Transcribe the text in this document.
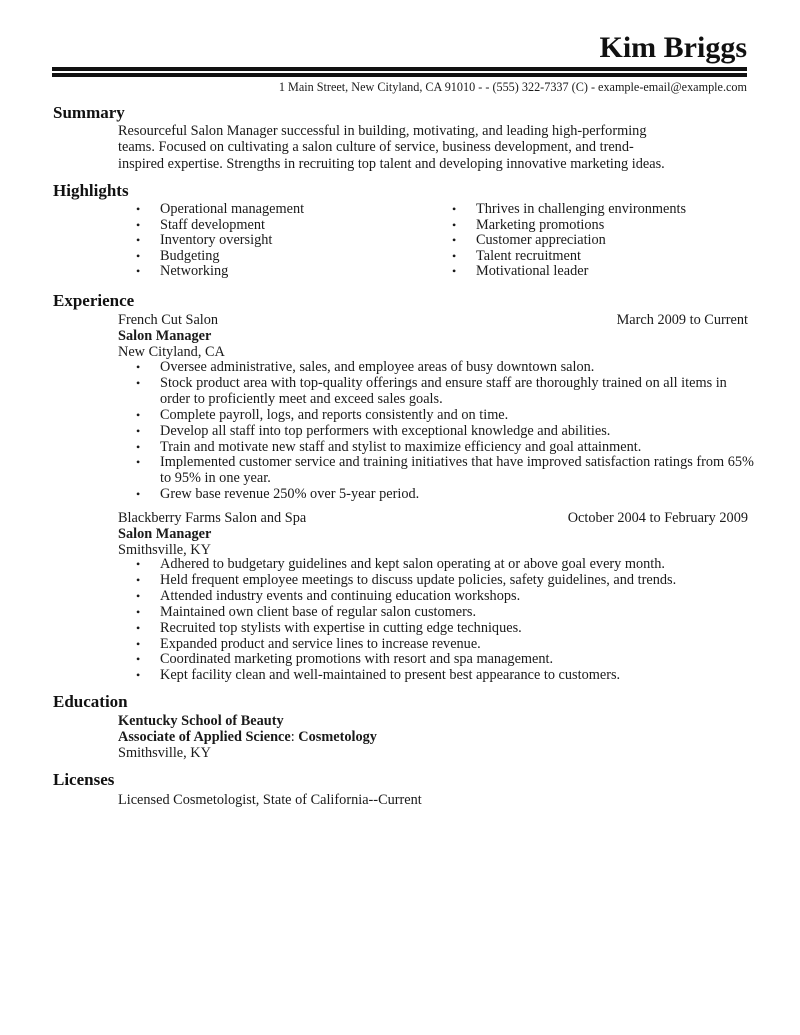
Kim Briggs
1 Main Street, New Cityland, CA 91010 - - (555) 322-7337 (C) - example-email@example.com
Summary
Resourceful Salon Manager successful in building, motivating, and leading high-performing
teams. Focused on cultivating a salon culture of service, business development, and trend-
inspired expertise. Strengths in recruiting top talent and developing innovative marketing ideas.
Highlights
• Operational management
• Staff development
• Inventory oversight
• Budgeting
• Networking
• Thrives in challenging environments
• Marketing promotions
• Customer appreciation
• Talent recruitment
• Motivational leader
Experience
French Cut Salon	March 2009 to Current
Salon Manager
New Cityland, CA
• Oversee administrative, sales, and employee areas of busy downtown salon.
• Stock product area with top-quality offerings and ensure staff are thoroughly trained on all items in order to proficiently meet and exceed sales goals.
• Complete payroll, logs, and reports consistently and on time.
• Develop all staff into top performers with exceptional knowledge and abilities.
• Train and motivate new staff and stylist to maximize efficiency and goal attainment.
• Implemented customer service and training initiatives that have improved satisfaction ratings from 65% to 95% in one year.
• Grew base revenue 250% over 5-year period.
Blackberry Farms Salon and Spa	October 2004 to February 2009
Salon Manager
Smithsville, KY
• Adhered to budgetary guidelines and kept salon operating at or above goal every month.
• Held frequent employee meetings to discuss update policies, safety guidelines, and trends.
• Attended industry events and continuing education workshops.
• Maintained own client base of regular salon customers.
• Recruited top stylists with expertise in cutting edge techniques.
• Expanded product and service lines to increase revenue.
• Coordinated marketing promotions with resort and spa management.
• Kept facility clean and well-maintained to present best appearance to customers.
Education
Kentucky School of Beauty
Associate of Applied Science: Cosmetology
Smithsville, KY
Licenses
Licensed Cosmetologist, State of California--Current
